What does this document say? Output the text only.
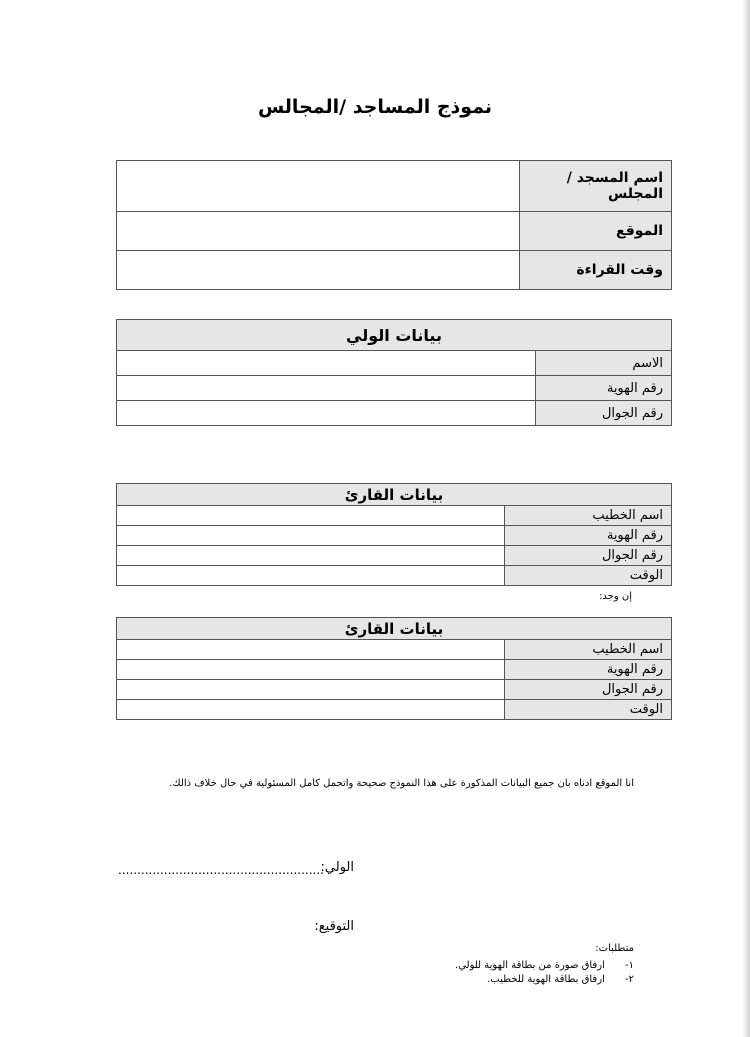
نموذج المساجد /المجالس
اسم المسجد / المجلس	
الموقع	
وقت القراءة	
بيانات الولي	
الاسم	
رقم الهوية	
رقم الجوال	
بيانات القارئ	
اسم الخطيب	
رقم الهوية	
رقم الجوال	
الوقت	
إن وجد:
بيانات القارئ	
اسم الخطيب	
رقم الهوية	
رقم الجوال	
الوقت	
انا الموقع ادناه بان جميع البيانات المذكورة على هذا النموذج صحيحة واتحمل كامل المسئولية في حال خلاف ذالك.
الولي:
......................................................
التوقيع:
متطلبات:
١- ارفاق صورة من بطاقة الهوية للولي.
٢- ارفاق بطاقة الهوية للخطيب.
